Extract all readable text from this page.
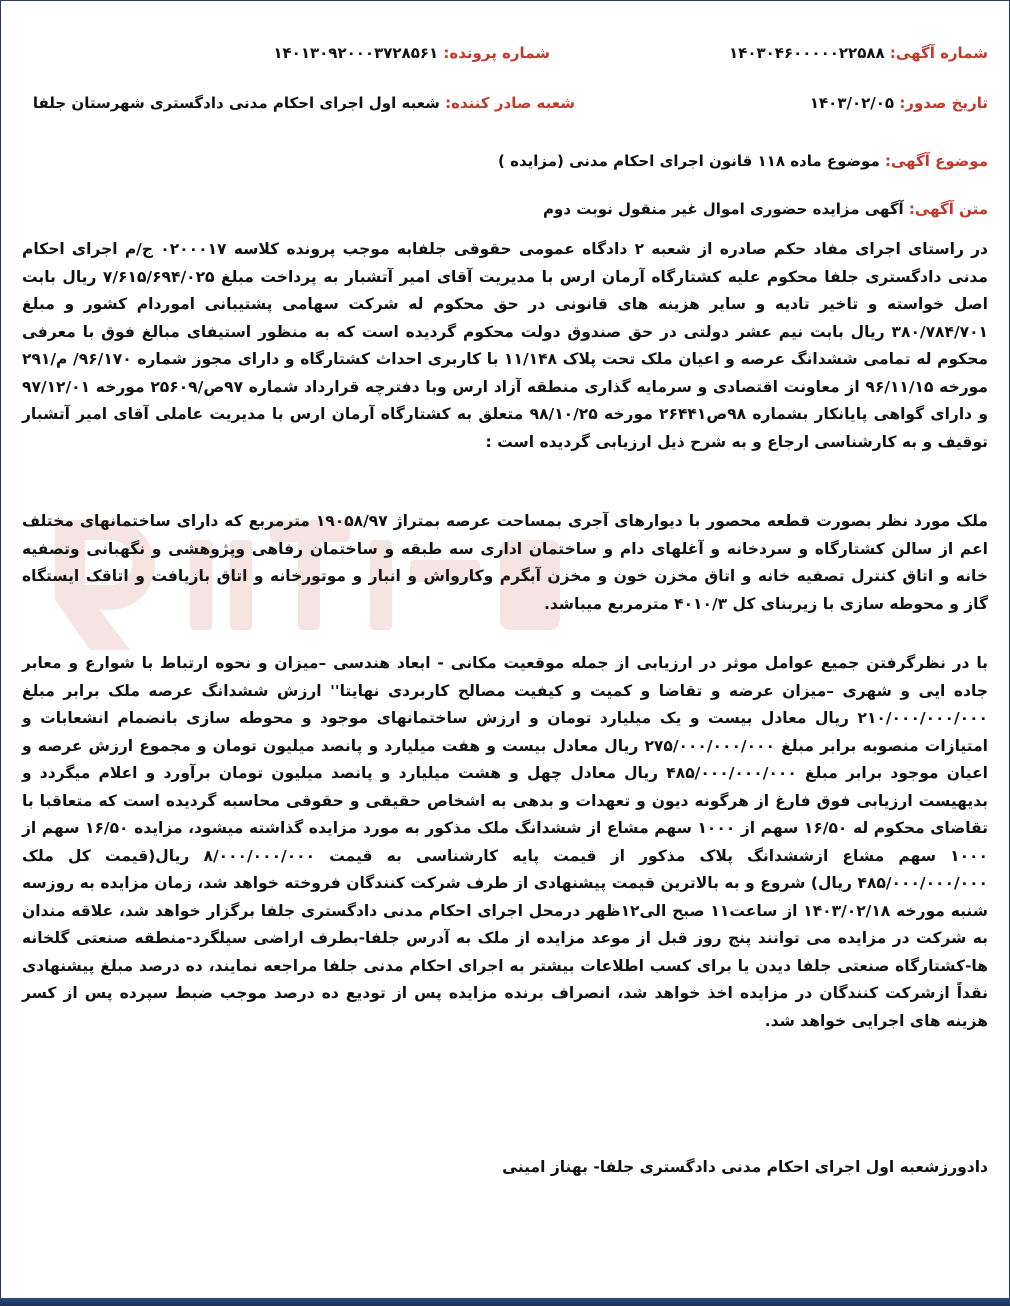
شماره آگهی: ۱۴۰۳۰۴۶۰۰۰۰۰۲۲۵۸۸
شماره پرونده: ۱۴۰۱۳۰۹۲۰۰۰۳۷۲۸۵۶۱
تاریخ صدور: ۱۴۰۳/۰۲/۰۵
شعبه صادر کننده: شعبه اول اجرای احکام مدنی دادگستری شهرستان جلفا
موضوع آگهی: موضوع ماده ۱۱۸ قانون اجرای احکام مدنی (مزایده )
متن آگهی: آگهی مزایده حضوری اموال غیر منقول نوبت دوم
در راستای اجرای مفاد حکم صادره از شعبه ۲ دادگاه عمومی حقوقی جلفابه موجب پرونده کلاسه ۰۲۰۰۰۱۷ ج/م اجرای احکام مدنی دادگستری جلفا محکوم علیه کشتارگاه آرمان ارس با مدیریت آقای امیر آتشبار به پرداخت مبلغ ۷/۶۱۵/۶۹۴/۰۲۵ ریال بابت اصل خواسته و تاخیر تادیه و سایر هزینه های قانونی در حق محکوم له شرکت سهامی پشتیبانی اموردام کشور و مبلغ ۳۸۰/۷۸۴/۷۰۱ ریال بابت نیم عشر دولتی در حق صندوق دولت محکوم گردیده است که به منظور استیفای مبالغ فوق با معرفی محکوم له تمامی ششدانگ عرصه و اعیان ملک تحت پلاک ۱۱/۱۴۸ با کاربری احداث کشتارگاه و دارای مجوز شماره ۹۶/۱۷۰/ م/۲۹۱ مورخه ۹۶/۱۱/۱۵ از معاونت اقتصادی و سرمایه گذاری منطقه آزاد ارس وبا دفترچه قرارداد شماره ۹۷ص/۲۵۶۰۹ مورخه ۹۷/۱۲/۰۱ و دارای گواهی پایانکار بشماره ۹۸ص۲۶۴۴۱ مورخه ۹۸/۱۰/۲۵ متعلق به کشتارگاه آرمان ارس با مدیریت عاملی آقای امیر آتشبار توقیف و به کارشناسی ارجاع و به شرح ذیل ارزیابی گردیده است :
ملک مورد نظر بصورت قطعه محصور با دیوارهای آجری بمساحت عرصه بمتراژ ۱۹۰۵۸/۹۷ مترمربع که دارای ساختمانهای مختلف اعم از سالن کشتارگاه و سردخانه و آغلهای دام و ساختمان اداری سه طبقه و ساختمان رفاهی وپژوهشی و نگهبانی وتصفیه خانه و اتاق کنترل تصفیه خانه و اتاق مخزن خون و مخزن آبگرم وکارواش و انبار و موتورخانه و اتاق بازیافت و اتاقک ایستگاه گاز و محوطه سازی با زیربنای کل ۴۰۱۰/۳ مترمربع میباشد.
با در نظرگرفتن جمیع عوامل موثر در ارزیابی از جمله موقعیت مکانی - ابعاد هندسی –میزان و نحوه ارتباط با شوارع و معابر جاده ایی و شهری –میزان عرضه و تقاضا و کمیت و کیفیت مصالح کاربردی نهایتا'' ارزش ششدانگ عرصه ملک برابر مبلغ ۲۱۰/۰۰۰/۰۰۰/۰۰۰ ریال معادل بیست و یک میلیارد تومان و ارزش ساختمانهای موجود و محوطه سازی بانضمام انشعابات و امتیازات منصوبه برابر مبلغ ۲۷۵/۰۰۰/۰۰۰/۰۰۰ ریال معادل بیست و هفت میلیارد و پانصد میلیون تومان و مجموع ارزش عرصه و اعیان موجود برابر مبلغ ۴۸۵/۰۰۰/۰۰۰/۰۰۰ ریال معادل چهل و هشت میلیارد و پانصد میلیون تومان برآورد و اعلام میگردد و بدیهیست ارزیابی فوق فارغ از هرگونه دیون و تعهدات و بدهی به اشخاص حقیقی و حقوقی محاسبه گردیده است که متعاقبا با تقاضای محکوم له ۱۶/۵۰ سهم از ۱۰۰۰ سهم مشاع از ششدانگ ملک مذکور به مورد مزایده گذاشته میشود، مزایده ۱۶/۵۰ سهم از ۱۰۰۰ سهم مشاع ازششدانگ پلاک مذکور از قیمت پایه کارشناسی به قیمت ۸/۰۰۰/۰۰۰/۰۰۰ ریال(قیمت کل ملک ۴۸۵/۰۰۰/۰۰۰/۰۰۰ ریال) شروع و به بالاترین قیمت پیشنهادی از طرف شرکت کنندگان فروخته خواهد شد، زمان مزایده به روزسه شنبه مورخه ۱۴۰۳/۰۲/۱۸ از ساعت۱۱ صبح الی۱۲ظهر درمحل اجرای احکام مدنی دادگستری جلفا برگزار خواهد شد، علاقه مندان به شرکت در مزایده می توانند پنج روز قبل از موعد مزایده از ملک به آدرس جلفا-بطرف اراضی سیلگرد-منطقه صنعتی گلخانه ها-کشتارگاه صنعتی جلفا دیدن یا برای کسب اطلاعات بیشتر به اجرای احکام مدنی جلفا مراجعه نمایند، ده درصد مبلغ پیشنهادی نقداً ازشرکت کنندگان در مزایده اخذ خواهد شد، انصراف برنده مزایده پس از تودیع ده درصد موجب ضبط سپرده پس از کسر هزینه های اجرایی خواهد شد.
دادورزشعبه اول اجرای احکام مدنی دادگستری جلفا- بهناز امینی
